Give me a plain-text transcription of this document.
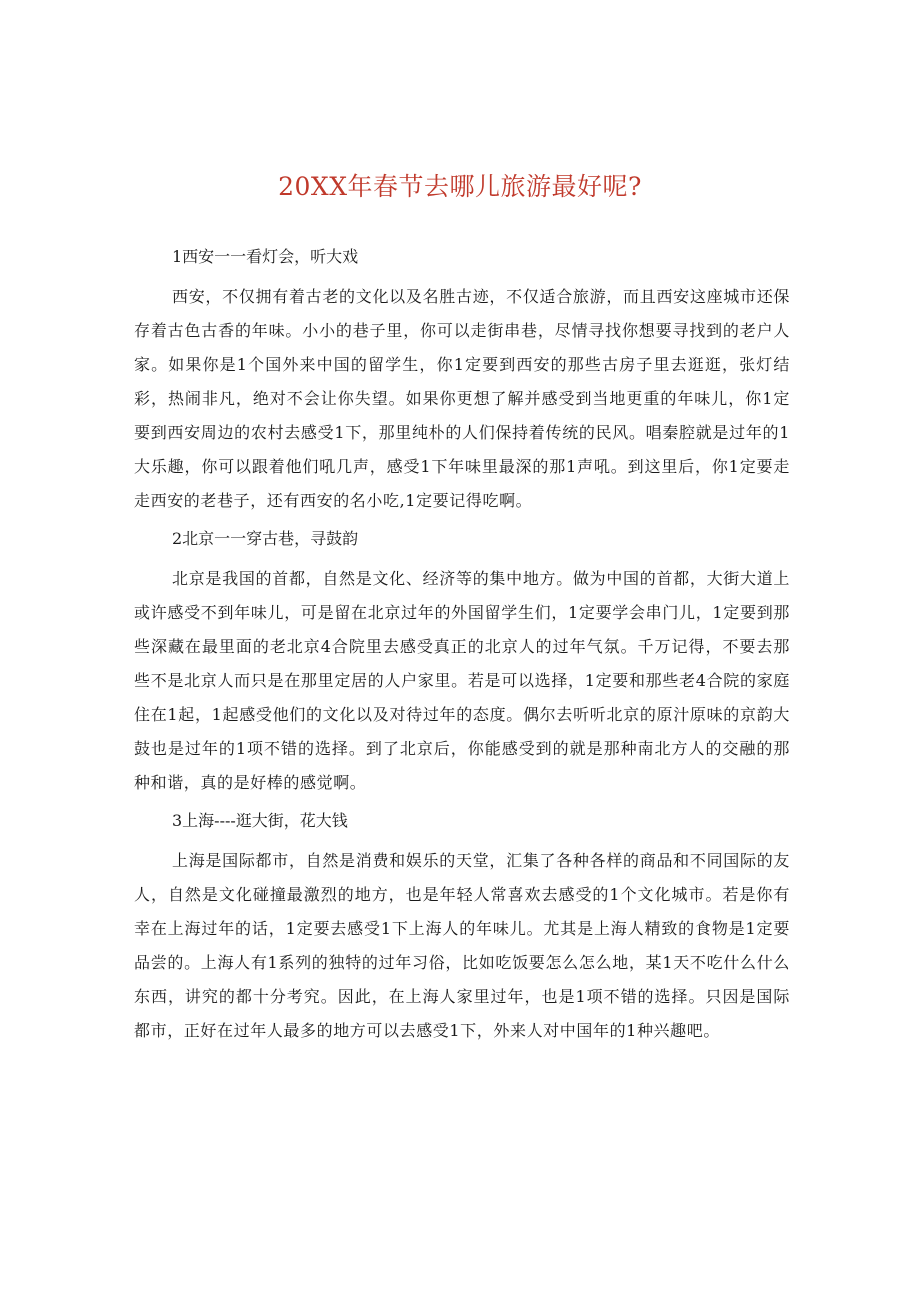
20XX年春节去哪儿旅游最好呢?

1西安一一看灯会，听大戏

西安，不仅拥有着古老的文化以及名胜古迹，不仅适合旅游，而且西安这座城市还保存着古色古香的年味。小小的巷子里，你可以走街串巷，尽情寻找你想要寻找到的老户人家。如果你是1个国外来中国的留学生，你1定要到西安的那些古房子里去逛逛，张灯结彩，热闹非凡，绝对不会让你失望。如果你更想了解并感受到当地更重的年味儿，你1定要到西安周边的农村去感受1下，那里纯朴的人们保持着传统的民风。唱秦腔就是过年的1大乐趣，你可以跟着他们吼几声，感受1下年味里最深的那1声吼。到这里后，你1定要走走西安的老巷子，还有西安的名小吃,1定要记得吃啊。

2北京一一穿古巷，寻鼓韵

北京是我国的首都，自然是文化、经济等的集中地方。做为中国的首都，大街大道上或许感受不到年味儿，可是留在北京过年的外国留学生们，1定要学会串门儿，1定要到那些深藏在最里面的老北京4合院里去感受真正的北京人的过年气氛。千万记得，不要去那些不是北京人而只是在那里定居的人户家里。若是可以选择，1定要和那些老4合院的家庭住在1起，1起感受他们的文化以及对待过年的态度。偶尔去听听北京的原汁原味的京韵大鼓也是过年的1项不错的选择。到了北京后，你能感受到的就是那种南北方人的交融的那种和谐，真的是好棒的感觉啊。

3上海----逛大街，花大钱

上海是国际都市，自然是消费和娱乐的天堂，汇集了各种各样的商品和不同国际的友人，自然是文化碰撞最激烈的地方，也是年轻人常喜欢去感受的1个文化城市。若是你有幸在上海过年的话，1定要去感受1下上海人的年味儿。尤其是上海人精致的食物是1定要品尝的。上海人有1系列的独特的过年习俗，比如吃饭要怎么怎么地，某1天不吃什么什么东西，讲究的都十分考究。因此，在上海人家里过年，也是1项不错的选择。只因是国际都市，正好在过年人最多的地方可以去感受1下，外来人对中国年的1种兴趣吧。
